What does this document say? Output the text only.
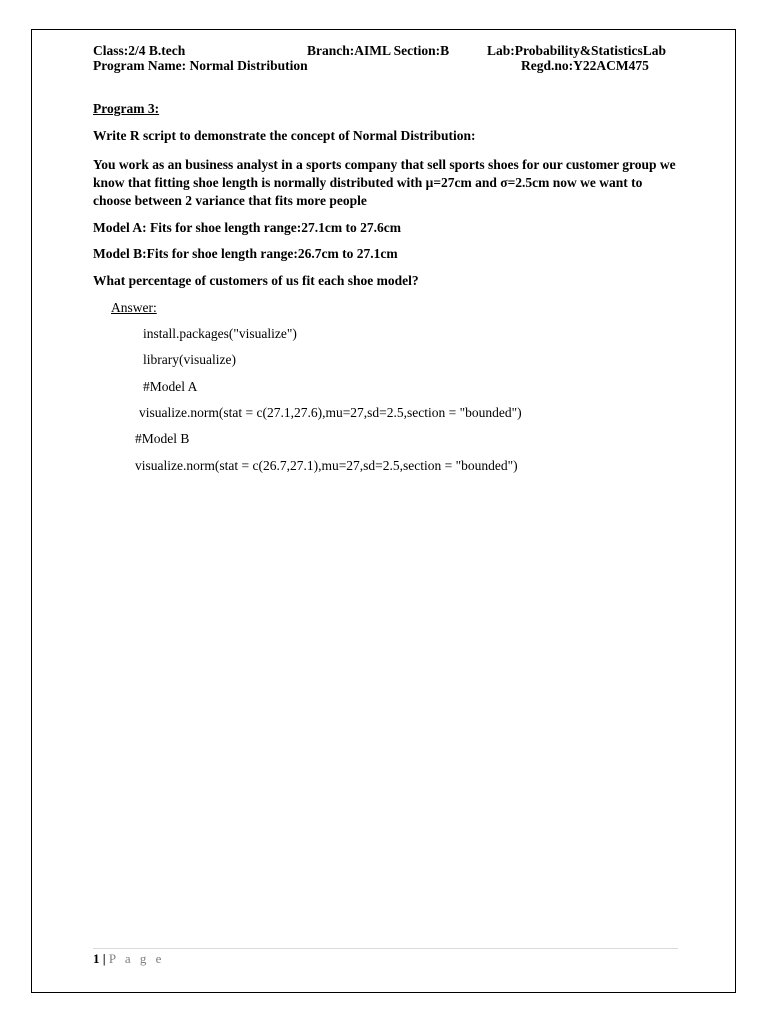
Class:2/4 B.tech	Branch:AIML Section:B	Lab:Probability&StatisticsLab
Program Name: Normal Distribution	Regd.no:Y22ACM475
Program 3:
Write R script to demonstrate the concept of Normal Distribution:
You work as an business analyst in a sports company that sell sports shoes for our customer group we know that fitting shoe length is normally distributed with μ=27cm and σ=2.5cm now we want to choose between 2 variance that fits more people
Model A: Fits for shoe length range:27.1cm to 27.6cm
Model B:Fits for shoe length range:26.7cm to 27.1cm
What percentage of customers of us fit each shoe model?
Answer:
install.packages("visualize")
library(visualize)
#Model A
visualize.norm(stat = c(27.1,27.6),mu=27,sd=2.5,section = "bounded")
#Model B
visualize.norm(stat = c(26.7,27.1),mu=27,sd=2.5,section = "bounded")
1 | P a g e
